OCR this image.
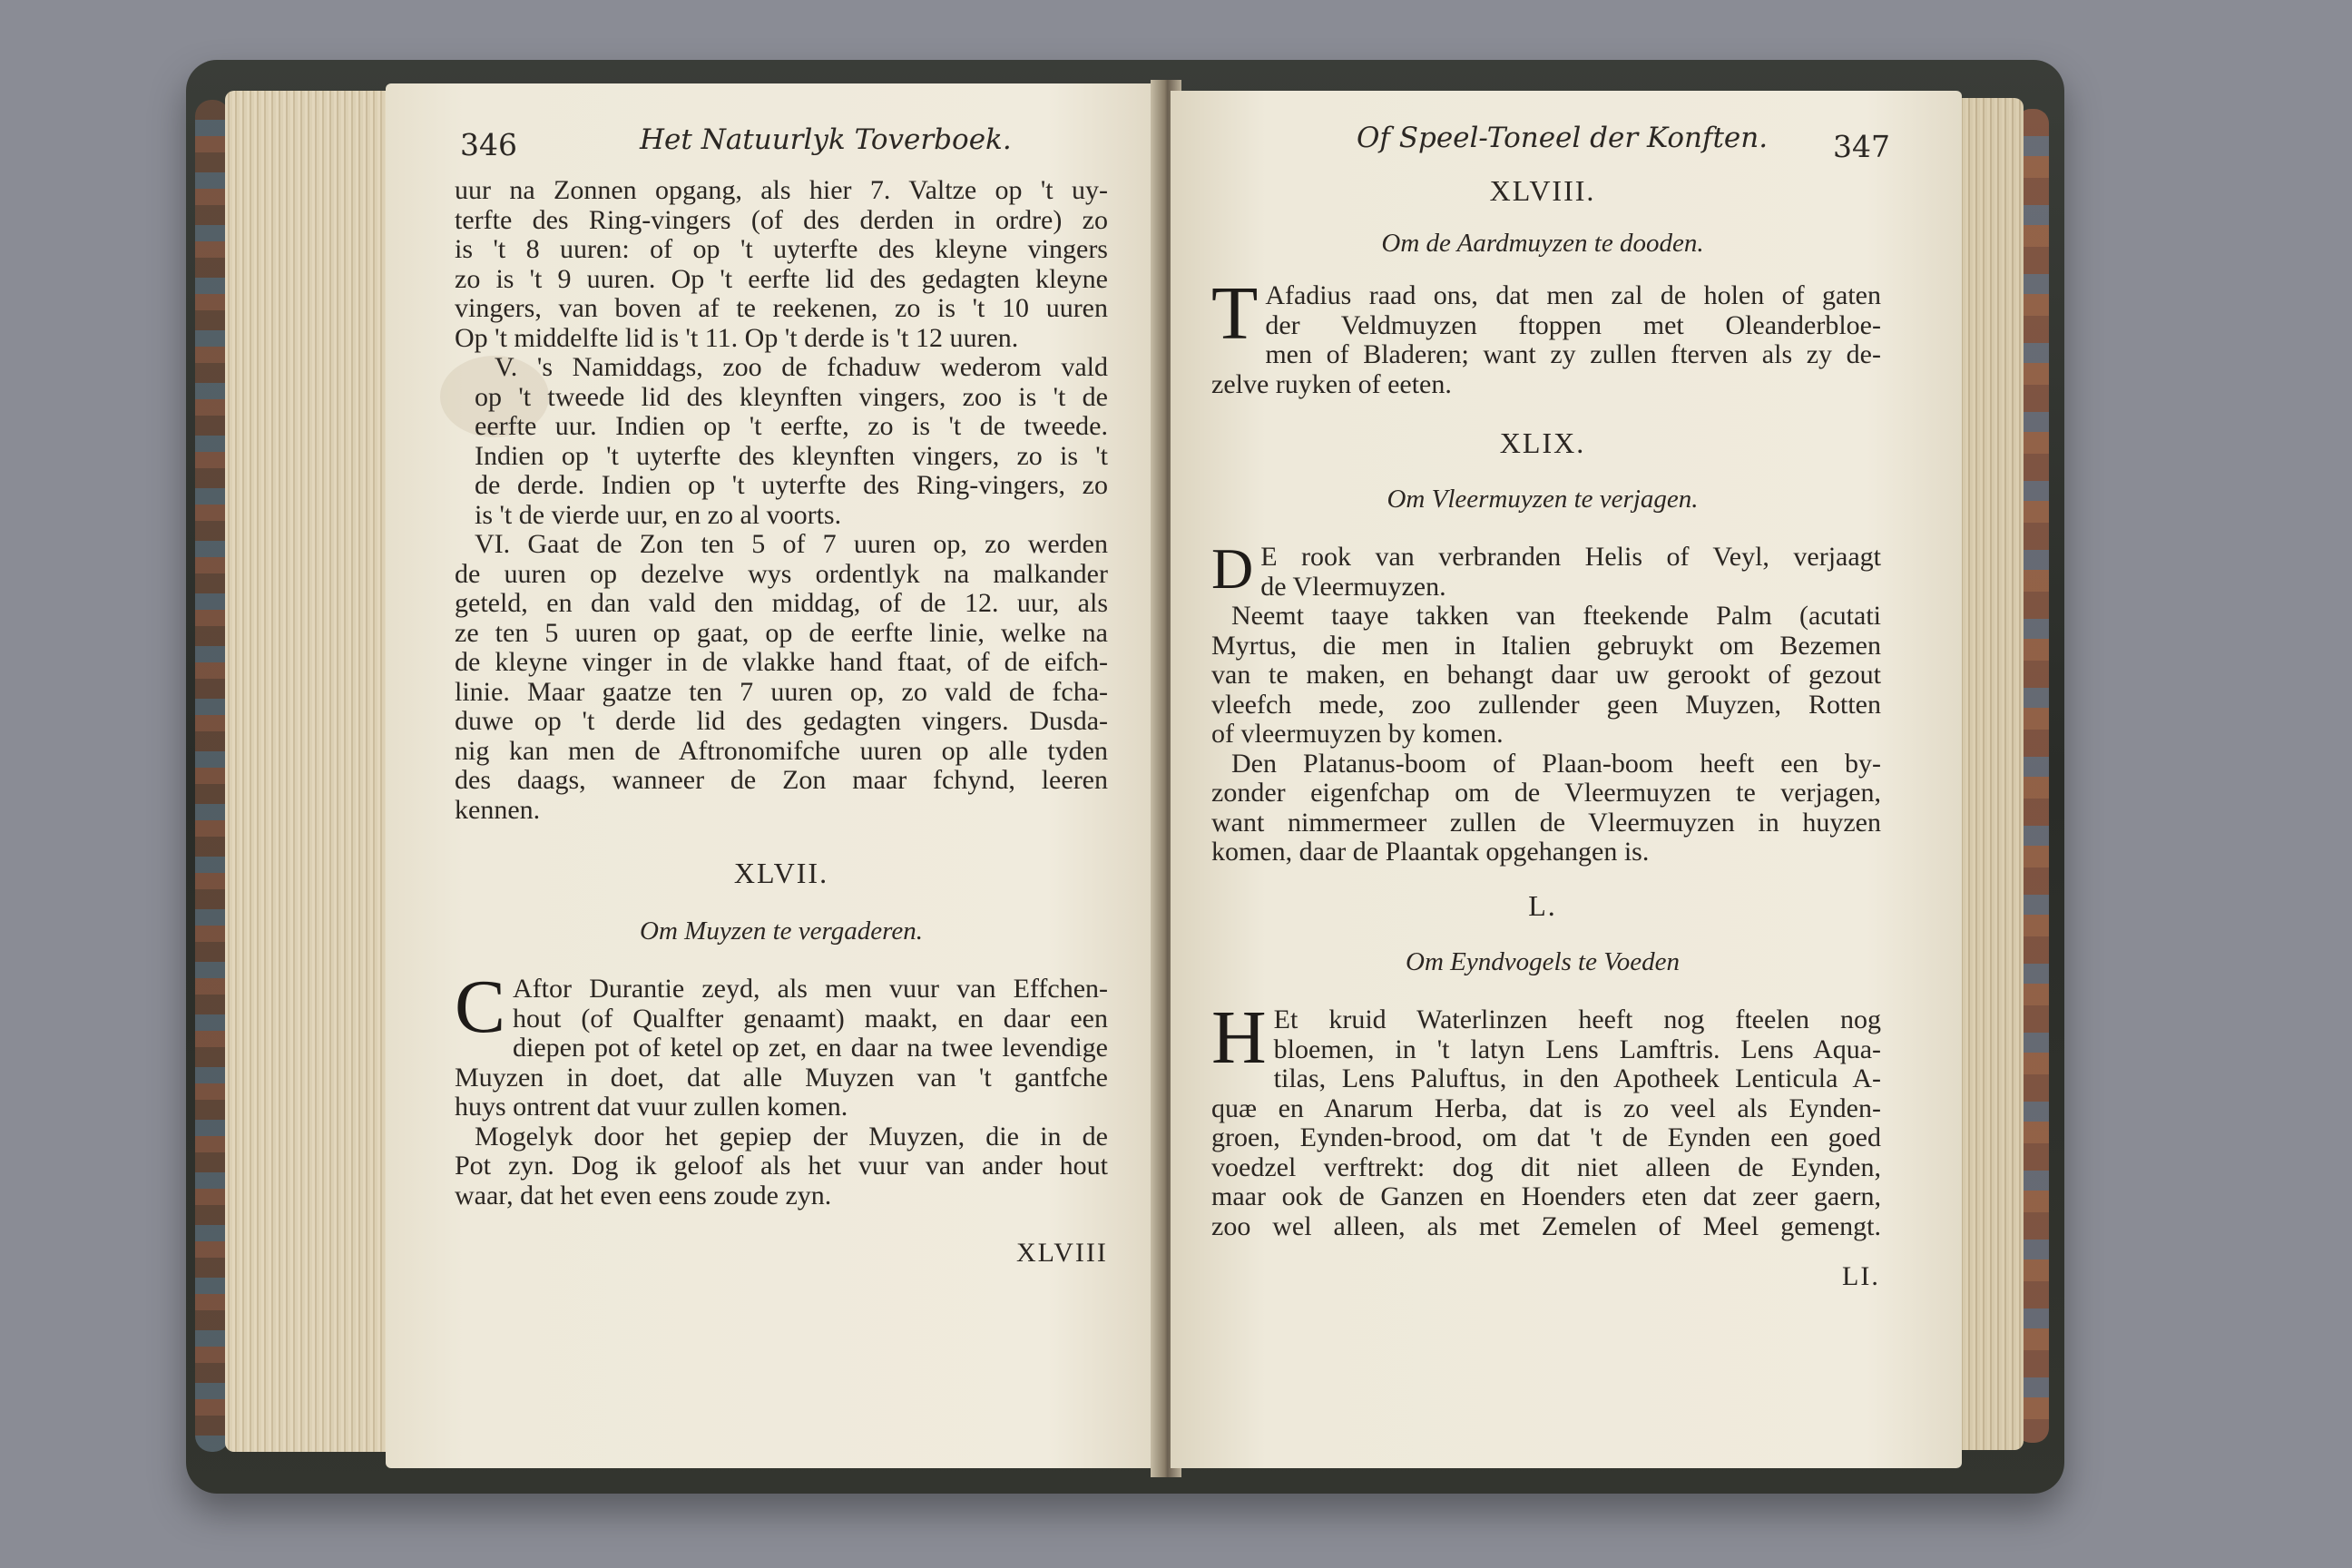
346	Het Natuurlyk Toverboek.

uur na Zonnen opgang, als hier 7. Valtze op 't uy-
terfte des Ring-vingers (of des derden in ordre) zo
is 't 8 uuren: of op 't uyterfte des kleyne vingers
zo is 't 9 uuren. Op 't eerfte lid des gedagten kleyne
vingers, van boven af te reekenen, zo is 't 10 uuren
Op 't middelfte lid is 't 11. Op 't derde is 't 12 uuren.

V. 's Namiddags, zoo de fchaduw wederom vald
op 't tweede lid des kleynften vingers, zoo is 't de
eerfte uur. Indien op 't eerfte, zo is 't de tweede.
Indien op 't uyterfte des kleynften vingers, zo is 't
de derde. Indien op 't uyterfte des Ring-vingers, zo
is 't de vierde uur, en zo al voorts.

VI. Gaat de Zon ten 5 of 7 uuren op, zo werden
de uuren op dezelve wys ordentlyk na malkander
geteld, en dan vald den middag, of de 12. uur, als
ze ten 5 uuren op gaat, op de eerfte linie, welke na
de kleyne vinger in de vlakke hand ftaat, of de eifch-
linie. Maar gaatze ten 7 uuren op, zo vald de fcha-
duwe op 't derde lid des gedagten vingers. Dusda-
nig kan men de Aftronomifche uuren op alle tyden
des daags, wanneer de Zon maar fchynd, leeren
kennen.

XLVII.
Om Muyzen te vergaderen.

C Aftor Durantie zeyd, als men vuur van Effchen-
hout (of Qualfter genaamt) maakt, en daar een
diepen pot of ketel op zet, en daar na twee levendige
Muyzen in doet, dat alle Muyzen van 't gantfche
huys ontrent dat vuur zullen komen.

Mogelyk door het gepiep der Muyzen, die in de
Pot zyn. Dog ik geloof als het vuur van ander hout
waar, dat het even eens zoude zyn.

XLVIII
Of Speel-Toneel der Konften. 347
XLVIII.
Om de Aardmuyzen te dooden.

T Afadius raad ons, dat men zal de holen of gaten
der Veldmuyzen ftoppen met Oleanderbloe-
men of Bladeren; want zy zullen fterven als zy de-
zelve ruyken of eeten.

XLIX.
Om Vleermuyzen te verjagen.

D E rook van verbranden Helis of Veyl, verjaagt
de Vleermuyzen.

Neemt taaye takken van fteekende Palm (acutati
Myrtus, die men in Italien gebruykt om Bezemen
van te maken, en behangt daar uw gerookt of gezout
vleefch mede, zoo zullender geen Muyzen, Rotten
of vleermuyzen by komen.

Den Platanus-boom of Plaan-boom heeft een by-
zonder eigenfchap om de Vleermuyzen te verjagen,
want nimmermeer zullen de Vleermuyzen in huyzen
komen, daar de Plaantak opgehangen is.

L.
Om Eyndvogels te Voeden

H Et kruid Waterlinzen heeft nog fteelen nog
bloemen, in 't latyn Lens Lamftris. Lens Aqua-
tilas, Lens Paluftus, in den Apotheek Lenticula A-
quæ en Anarum Herba, dat is zo veel als Eynden-
groen, Eynden-brood, om dat 't de Eynden een goed
voedzel verftrekt: dog dit niet alleen de Eynden,
maar ook de Ganzen en Hoenders eten dat zeer gaern,
zoo wel alleen, als met Zemelen of Meel gemengt.

LI.
